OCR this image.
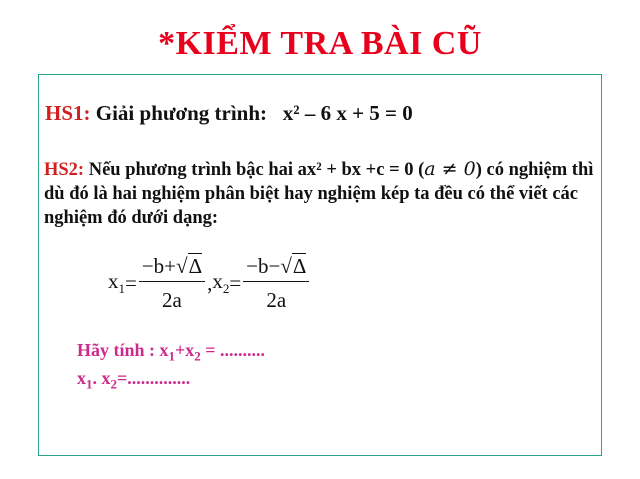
*KIỂM TRA BÀI CŨ
HS1: Giải phương trình: x² – 6 x + 5 = 0
HS2: Nếu phương trình bậc hai ax² + bx +c = 0 (a ≠ 0) có nghiệm thì dù đó là hai nghiệm phân biệt hay nghiệm kép ta đều có thể viết các nghiệm đó dưới dạng:
$x_1 = \frac{-b+√\Delta}{2a}$ , $x_2 = \frac{-b-√\Delta}{2a}$
Hãy tính : $x_1+x_2$ = ..........
$x_1$. $x_2=$..............
